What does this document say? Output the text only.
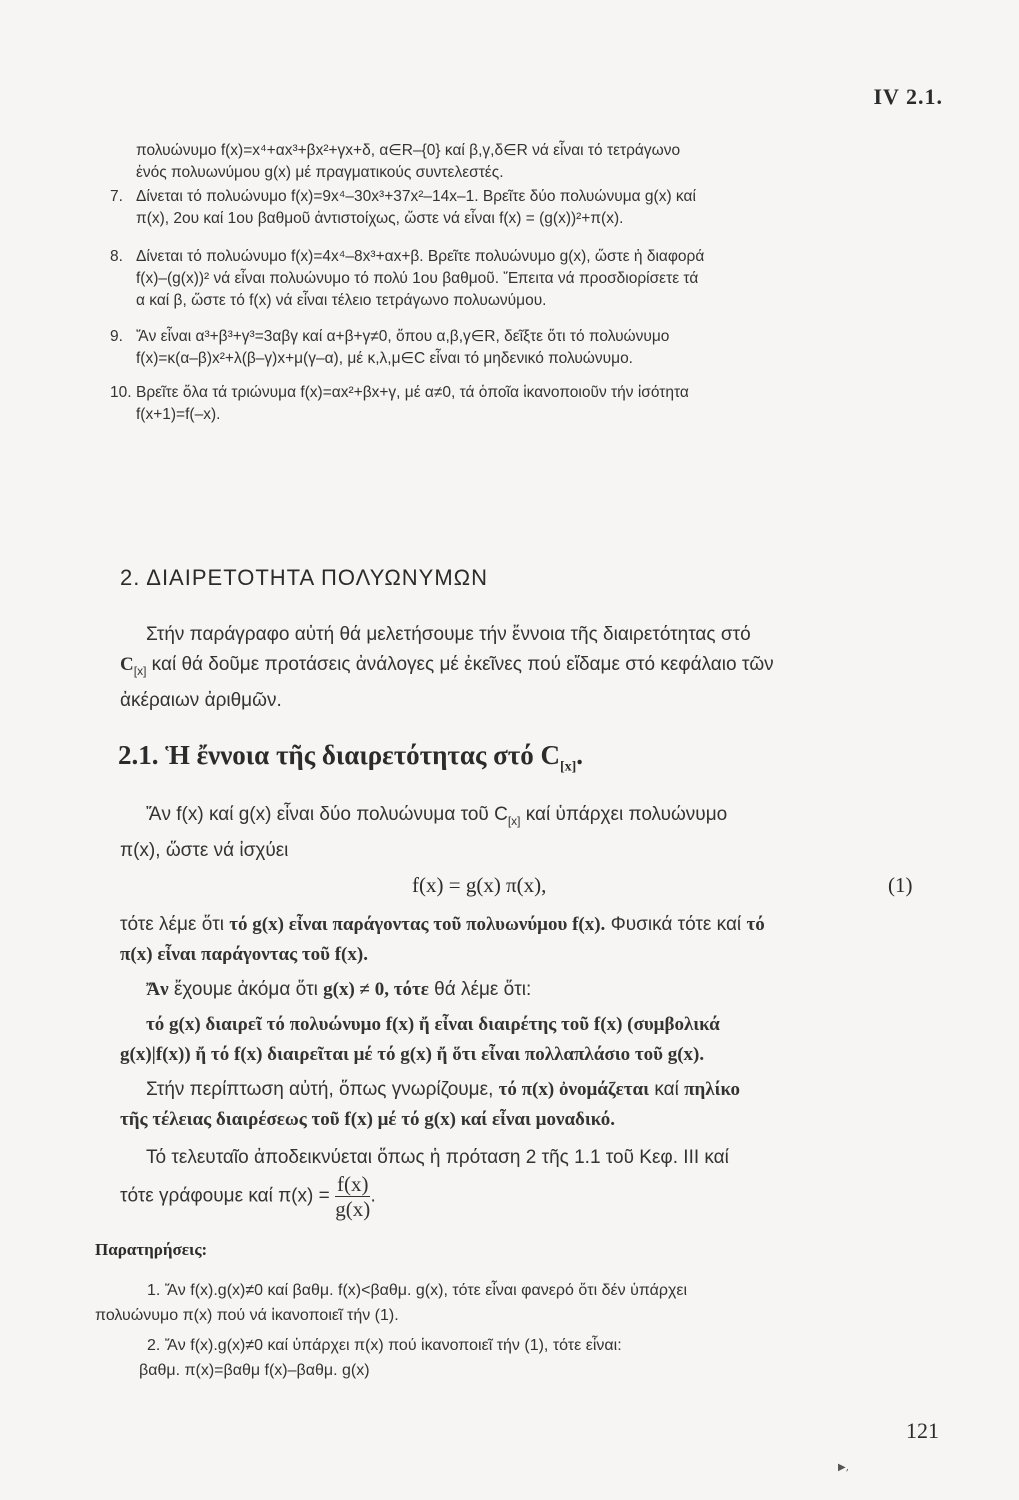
IV 2.1.
πολυώνυμο f(x)=x⁴+αx³+βx²+γx+δ, α∈R–{0} καί β,γ,δ∈R νά εἶναι τό τετράγωνο
ἑνός πολυωνύμου g(x) μέ πραγματικούς συντελεστές.
7. Δίνεται τό πολυώνυμο f(x)=9x⁴–30x³+37x²–14x–1. Βρεῖτε δύο πολυώνυμα g(x) καί
π(x), 2ου καί 1ου βαθμοῦ ἀντιστοίχως, ὥστε νά εἶναι f(x) = (g(x))²+π(x).
8. Δίνεται τό πολυώνυμο f(x)=4x⁴–8x³+αx+β. Βρεῖτε πολυώνυμο g(x), ὥστε ἡ διαφορά
f(x)–(g(x))² νά εἶναι πολυώνυμο τό πολύ 1ου βαθμοῦ. Ἔπειτα νά προσδιορίσετε τά
α καί β, ὥστε τό f(x) νά εἶναι τέλειο τετράγωνο πολυωνύμου.
9. Ἄν εἶναι α³+β³+γ³=3αβγ καί α+β+γ≠0, ὅπου α,β,γ∈R, δεῖξτε ὅτι τό πολυώνυμο
f(x)=κ(α–β)x²+λ(β–γ)x+μ(γ–α), μέ κ,λ,μ∈C εἶναι τό μηδενικό πολυώνυμο.
10. Βρεῖτε ὅλα τά τριώνυμα f(x)=αx²+βx+γ, μέ α≠0, τά ὁποῖα ἱκανοποιοῦν τήν ἰσότητα
f(x+1)=f(–x).
2. ΔΙΑΙΡΕΤΟΤΗΤΑ ΠΟΛΥΩΝΥΜΩΝ
Στήν παράγραφο αὐτή θά μελετήσουμε τήν ἔννοια τῆς διαιρετότητας στό
$C_{[x]}$ καί θά δοῦμε προτάσεις ἀνάλογες μέ ἐκεῖνες πού εἴδαμε στό κεφάλαιο τῶν
ἀκέραιων ἀριθμῶν.
2.1. Ἡ ἔννοια τῆς διαιρετότητας στό $C_{[x]}$.
Ἄν f(x) καί g(x) εἶναι δύο πολυώνυμα τοῦ $C_{[x]}$ καί ὑπάρχει πολυώνυμο
π(x), ὥστε νά ἰσχύει
f(x) = g(x) π(x),	(1)
τότε λέμε ὅτι τό g(x) εἶναι παράγοντας τοῦ πολυωνύμου f(x). Φυσικά τότε καί τό
π(x) εἶναι παράγοντας τοῦ f(x).
Ἄν ἔχουμε ἀκόμα ὅτι g(x) ≠ 0, τότε θά λέμε ὅτι:
τό g(x) διαιρεῖ τό πολυώνυμο f(x) ἤ εἶναι διαιρέτης τοῦ f(x) (συμβολικά
g(x)|f(x)) ἤ τό f(x) διαιρεῖται μέ τό g(x) ἤ ὅτι εἶναι πολλαπλάσιο τοῦ g(x).
Στήν περίπτωση αὐτή, ὅπως γνωρίζουμε, τό π(x) ὀνομάζεται καί πηλίκο
τῆς τέλειας διαιρέσεως τοῦ f(x) μέ τό g(x) καί εἶναι μοναδικό.
Τό τελευταῖο ἀποδεικνύεται ὅπως ἡ πρόταση 2 τῆς 1.1 τοῦ Κεφ. ΙΙΙ καί
τότε γράφουμε καί $\pi(x) = \frac{f(x)}{g(x)}$ .
Παρατηρήσεις:
1. Ἄν f(x).g(x)≠0 καί βαθμ. f(x)<βαθμ. g(x), τότε εἶναι φανερό ὅτι δέν ὑπάρχει
πολυώνυμο π(x) πού νά ἱκανοποιεῖ τήν (1).
2. Ἄν f(x).g(x)≠0 καί ὑπάρχει π(x) πού ἱκανοποιεῖ τήν (1), τότε εἶναι:
βαθμ. π(x)=βαθμ f(x)–βαθμ. g(x)
121
▶,
